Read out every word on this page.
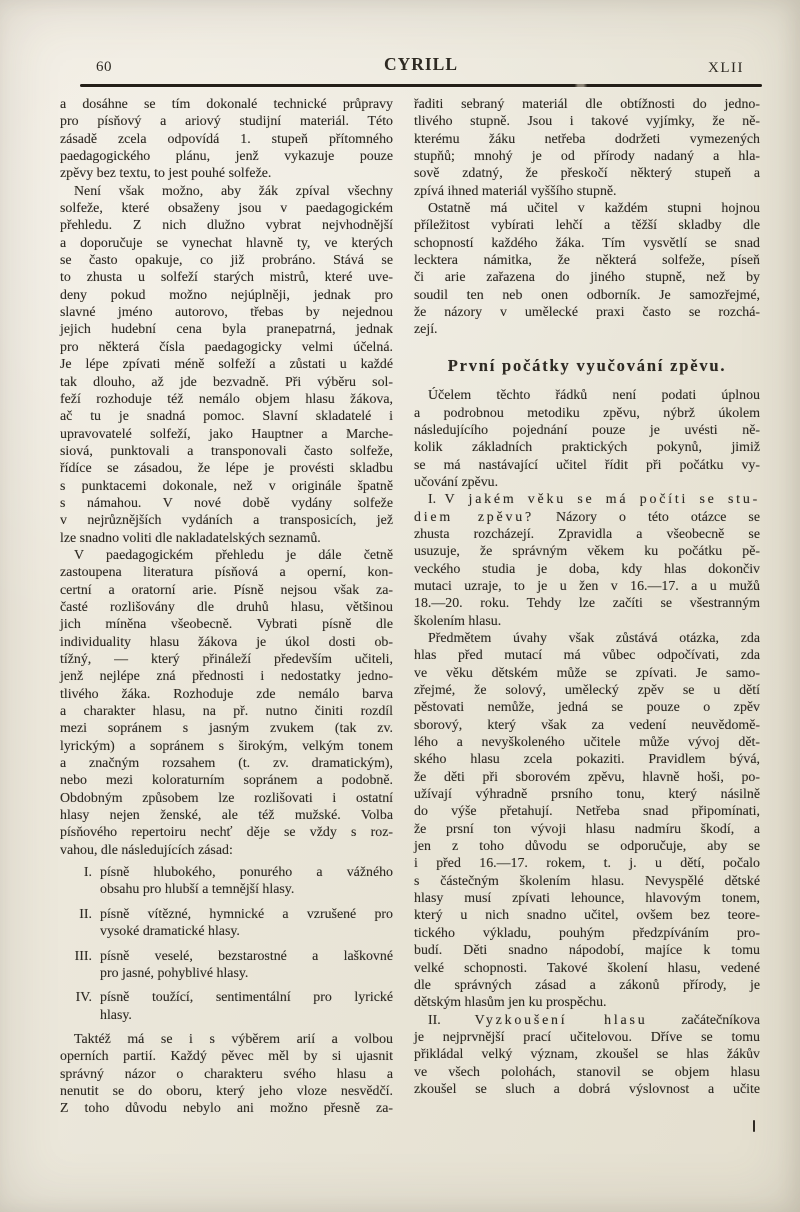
60	CYRILL	XLII
a dosáhne se tím dokonalé technické průpravy
pro písňový a ariový studijní materiál. Této
zásadě zcela odpovídá 1. stupeň přítomného
paedagogického plánu, jenž vykazuje pouze
zpěvy bez textu, to jest pouhé solfeže.
Není však možno, aby žák zpíval všechny
solfeže, které obsaženy jsou v paedagogickém
přehledu. Z nich dlužno vybrat nejvhodnější
a doporučuje se vynechat hlavně ty, ve kterých
se často opakuje, co již probráno. Stává se
to zhusta u solfeží starých mistrů, které uve-
deny pokud možno nejúplněji, jednak pro
slavné jméno autorovo, třebas by nejednou
jejich hudební cena byla pranepatrná, jednak
pro některá čísla paedagogicky velmi účelná.
Je lépe zpívati méně solfeží a zůstati u každé
tak dlouho, až jde bezvadně. Při výběru sol-
feží rozhoduje též nemálo objem hlasu žákova,
ač tu je snadná pomoc. Slavní skladatelé i
upravovatelé solfeží, jako Hauptner a Marche-
siová, punktovali a transponovali často solfeže,
řídíce se zásadou, že lépe je provésti skladbu
s punktacemi dokonale, než v originále špatně
s námahou. V nové době vydány solfeže
v nejrůznějších vydáních a transposicích, jež
lze snadno voliti dle nakladatelských seznamů.
V paedagogickém přehledu je dále četně
zastoupena literatura písňová a operní, kon-
certní a oratorní arie. Písně nejsou však za-
časté rozlišovány dle druhů hlasu, většinou
jich míněna všeobecně. Vybrati písně dle
individuality hlasu žákova je úkol dosti ob-
tížný, — který přináleží především učiteli,
jenž nejlépe zná přednosti i nedostatky jedno-
tlivého žáka. Rozhoduje zde nemálo barva
a charakter hlasu, na př. nutno činiti rozdíl
mezi sopránem s jasným zvukem (tak zv.
lyrickým) a sopránem s širokým, velkým tonem
a značným rozsahem (t. zv. dramatickým),
nebo mezi koloraturním sopránem a podobně.
Obdobným způsobem lze rozlišovati i ostatní
hlasy nejen ženské, ale též mužské. Volba
písňového repertoiru nechť děje se vždy s roz-
vahou, dle následujících zásad:
I. písně hlubokého, ponurého a vážného
obsahu pro hlubší a temnější hlasy.
II. písně vítězné, hymnické a vzrušené pro
vysoké dramatické hlasy.
III. písně veselé, bezstarostné a laškovné
pro jasné, pohyblivé hlasy.
IV. písně toužící, sentimentální pro lyrické
hlasy.
Taktéž má se i s výběrem arií a volbou
operních partií. Každý pěvec měl by si ujasnit
správný názor o charakteru svého hlasu a
nenutit se do oboru, který jeho vloze nesvědčí.
Z toho důvodu nebylo ani možno přesně za-
řaditi sebraný materiál dle obtížnosti do jedno-
tlivého stupně. Jsou i takové vyjímky, že ně-
kterému žáku netřeba dodržeti vymezených
stupňů; mnohý je od přírody nadaný a hla-
sově zdatný, že přeskočí některý stupeň a
zpívá ihned materiál vyššího stupně.
Ostatně má učitel v každém stupni hojnou
příležitost vybírati lehčí a těžší skladby dle
schopností každého žáka. Tím vysvětlí se snad
lecktera námitka, že některá solfeže, píseň
či arie zařazena do jiného stupně, než by
soudil ten neb onen odborník. Je samozřejmé,
že názory v umělecké praxi často se rozchá-
zejí.
První počátky vyučování zpěvu.
Účelem těchto řádků není podati úplnou
a podrobnou metodiku zpěvu, nýbrž úkolem
následujícího pojednání pouze je uvésti ně-
kolik základních praktických pokynů, jimiž
se má nastávající učitel řídit při počátku vy-
učování zpěvu.
I. V jakém věku se má počíti se stu-
diem zpěvu? Názory o této otázce se
zhusta rozcházejí. Zpravidla a všeobecně se
usuzuje, že správným věkem ku počátku pě-
veckého studia je doba, kdy hlas dokončiv
mutaci uzraje, to je u žen v 16.—17. a u mužů
18.—20. roku. Tehdy lze začíti se všestranným
školením hlasu.
Předmětem úvahy však zůstává otázka, zda
hlas před mutací má vůbec odpočívati, zda
ve věku dětském může se zpívati. Je samo-
zřejmé, že solový, umělecký zpěv se u dětí
pěstovati nemůže, jedná se pouze o zpěv
sborový, který však za vedení neuvědomě-
lého a nevyškoleného učitele může vývoj dět-
ského hlasu zcela pokaziti. Pravidlem bývá,
že děti při sborovém zpěvu, hlavně hoši, po-
užívají výhradně prsního tonu, který násilně
do výše přetahují. Netřeba snad připomínati,
že prsní ton vývoji hlasu nadmíru škodí, a
jen z toho důvodu se odporučuje, aby se
i před 16.—17. rokem, t. j. u dětí, počalo
s částečným školením hlasu. Nevyspělé dětské
hlasy musí zpívati lehounce, hlavovým tonem,
který u nich snadno učitel, ovšem bez teore-
tického výkladu, pouhým předzpíváním pro-
budí. Děti snadno nápodobí, majíce k tomu
velké schopnosti. Takové školení hlasu, vedené
dle správných zásad a zákonů přírody, je
dětským hlasům jen ku prospěchu.
II. Vyzkoušení hlasu začátečníkova
je nejprvnější prací učitelovou. Dříve se tomu
přikládal velký význam, zkoušel se hlas žákův
ve všech polohách, stanovil se objem hlasu
zkoušel se sluch a dobrá výslovnost a učite
